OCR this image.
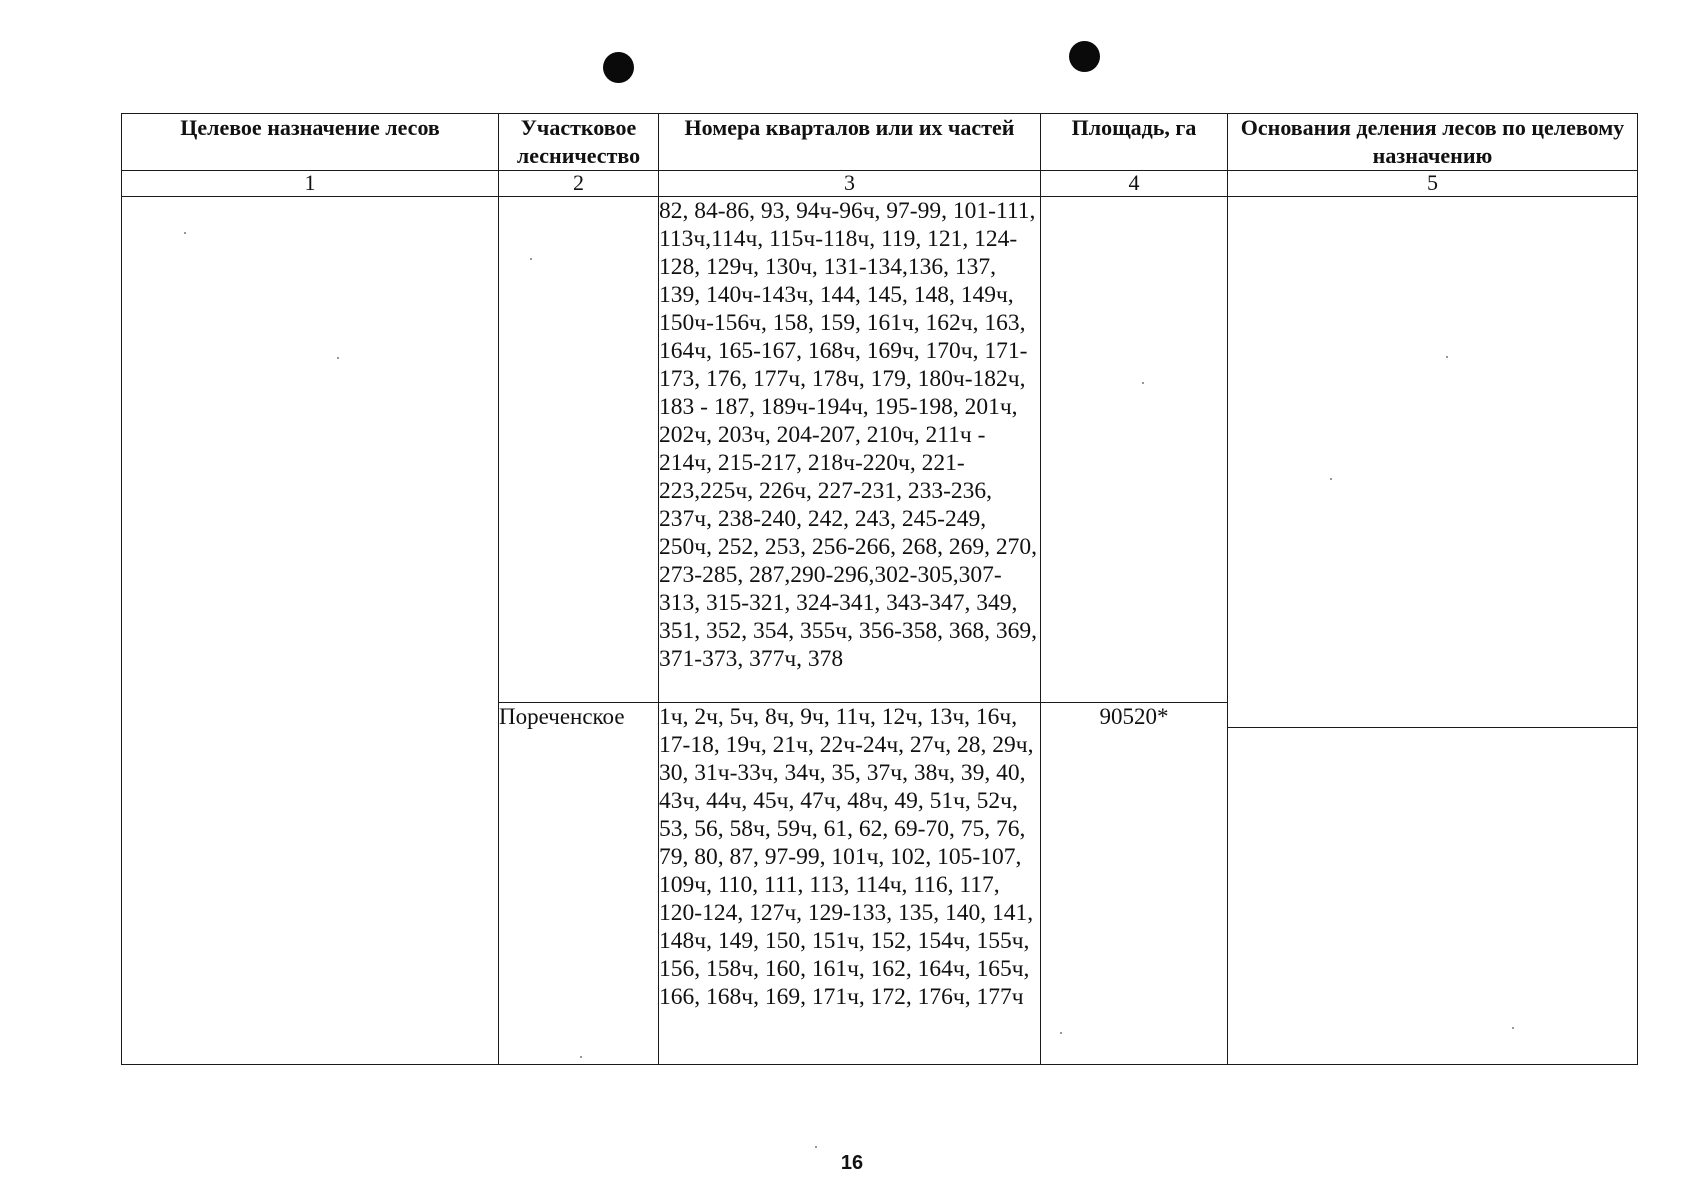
Целевое назначение лесов	Участковое лесничество	Номера кварталов или их частей	Площадь, га	Основания деления лесов по целевому назначению
1	2	3	4	5
		82, 84-86, 93, 94ч-96ч, 97-99, 101-111, 113ч,114ч, 115ч-118ч, 119, 121, 124-128, 129ч, 130ч, 131-134,136, 137, 139, 140ч-143ч, 144, 145, 148, 149ч, 150ч-156ч, 158, 159, 161ч, 162ч, 163, 164ч, 165-167, 168ч, 169ч, 170ч, 171-173, 176, 177ч, 178ч, 179, 180ч-182ч, 183 - 187, 189ч-194ч, 195-198, 201ч, 202ч, 203ч, 204-207, 210ч, 211ч - 214ч, 215-217, 218ч-220ч, 221-223,225ч, 226ч, 227-231, 233-236, 237ч, 238-240, 242, 243, 245-249, 250ч, 252, 253, 256-266, 268, 269, 270, 273-285, 287,290-296,302-305,307-313, 315-321, 324-341, 343-347, 349, 351, 352, 354, 355ч, 356-358, 368, 369, 371-373, 377ч, 378		

	Пореченское	1ч, 2ч, 5ч, 8ч, 9ч, 11ч, 12ч, 13ч, 16ч, 17-18, 19ч, 21ч, 22ч-24ч, 27ч, 28, 29ч, 30, 31ч-33ч, 34ч, 35, 37ч, 38ч, 39, 40, 43ч, 44ч, 45ч, 47ч, 48ч, 49, 51ч, 52ч, 53, 56, 58ч, 59ч, 61, 62, 69-70, 75, 76, 79, 80, 87, 97-99, 101ч, 102, 105-107, 109ч, 110, 111, 113, 114ч, 116, 117, 120-124, 127ч, 129-133, 135, 140, 141, 148ч, 149, 150, 151ч, 152, 154ч, 155ч, 156, 158ч, 160, 161ч, 162, 164ч, 165ч, 166, 168ч, 169, 171ч, 172, 176ч, 177ч	90520*	
16
